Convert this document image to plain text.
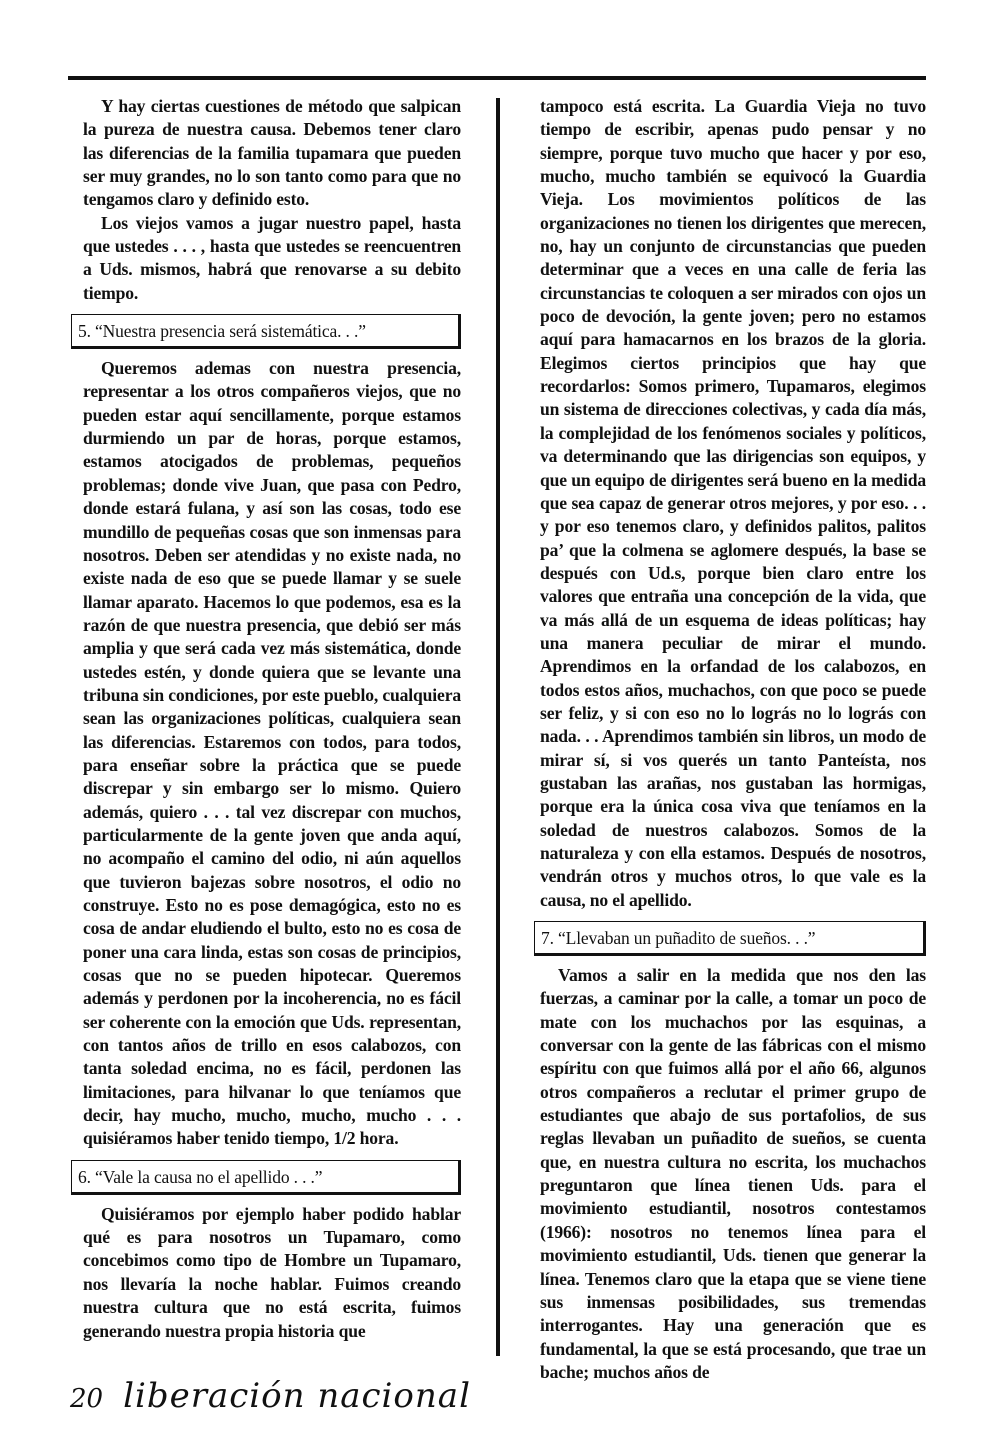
Y hay ciertas cuestiones de método que salpican la pureza de nuestra causa. Debemos tener claro las diferencias de la familia tupamara que pueden ser muy grandes, no lo son tanto como para que no tengamos claro y definido esto.

Los viejos vamos a jugar nuestro papel, hasta que ustedes . . . , hasta que ustedes se reencuentren a Uds. mismos, habrá que renovarse a su debito tiempo.

5. “Nuestra presencia será sistemática. . .”

Queremos ademas con nuestra presencia, representar a los otros compañeros viejos, que no pueden estar aquí sencillamente, porque estamos durmiendo un par de horas, porque estamos, estamos atocigados de problemas, pequeños problemas; donde vive Juan, que pasa con Pedro, donde estará fulana, y así son las cosas, todo ese mundillo de pequeñas cosas que son inmensas para nosotros. Deben ser atendidas y no existe nada, no existe nada de eso que se puede llamar y se suele llamar aparato. Hacemos lo que podemos, esa es la razón de que nuestra presencia, que debió ser más amplia y que será cada vez más sistemática, donde ustedes estén, y donde quiera que se levante una tribuna sin condiciones, por este pueblo, cualquiera sean las organizaciones políticas, cualquiera sean las diferencias. Estaremos con todos, para todos, para enseñar sobre la práctica que se puede discrepar y sin embargo ser lo mismo. Quiero además, quiero . . . tal vez discrepar con muchos, particularmente de la gente joven que anda aquí, no acompaño el camino del odio, ni aún aquellos que tuvieron bajezas sobre nosotros, el odio no construye. Esto no es pose demagógica, esto no es cosa de andar eludiendo el bulto, esto no es cosa de poner una cara linda, estas son cosas de principios, cosas que no se pueden hipotecar. Queremos además y perdonen por la incoherencia, no es fácil ser coherente con la emoción que Uds. representan, con tantos años de trillo en esos calabozos, con tanta soledad encima, no es fácil, perdonen las limitaciones, para hilvanar lo que teníamos que decir, hay mucho, mucho, mucho, mucho . . . quisiéramos haber tenido tiempo, 1/2 hora.

6. “Vale la causa no el apellido . . .”

Quisiéramos por ejemplo haber podido hablar qué es para nosotros un Tupamaro, como concebimos como tipo de Hombre un Tupamaro, nos llevaría la noche hablar. Fuimos creando nuestra cultura que no está escrita, fuimos generando nuestra propia historia que

tampoco está escrita. La Guardia Vieja no tuvo tiempo de escribir, apenas pudo pensar y no siempre, porque tuvo mucho que hacer y por eso, mucho, mucho también se equivocó la Guardia Vieja. Los movimientos políticos de las organizaciones no tienen los dirigentes que merecen, no, hay un conjunto de circunstancias que pueden determinar que a veces en una calle de feria las circunstancias te coloquen a ser mirados con ojos un poco de devoción, la gente joven; pero no estamos aquí para hamacarnos en los brazos de la gloria. Elegimos ciertos principios que hay que recordarlos: Somos primero, Tupamaros, elegimos un sistema de direcciones colectivas, y cada día más, la complejidad de los fenómenos sociales y políticos, va determinando que las dirigencias son equipos, y que un equipo de dirigentes será bueno en la medida que sea capaz de generar otros mejores, y por eso. . . y por eso tenemos claro, y definidos palitos, palitos pa’ que la colmena se aglomere después, la base se después con Ud.s, porque bien claro entre los valores que entraña una concepción de la vida, que va más allá de un esquema de ideas políticas; hay una manera peculiar de mirar el mundo. Aprendimos en la orfandad de los calabozos, en todos estos años, muchachos, con que poco se puede ser feliz, y si con eso no lo lográs no lo lográs con nada. . . Aprendimos también sin libros, un modo de mirar sí, si vos querés un tanto Panteísta, nos gustaban las arañas, nos gustaban las hormigas, porque era la única cosa viva que teníamos en la soledad de nuestros calabozos. Somos de la naturaleza y con ella estamos. Después de nosotros, vendrán otros y muchos otros, lo que vale es la causa, no el apellido.

7. “Llevaban un puñadito de sueños. . .”

Vamos a salir en la medida que nos den las fuerzas, a caminar por la calle, a tomar un poco de mate con los muchachos por las esquinas, a conversar con la gente de las fábricas con el mismo espíritu con que fuimos allá por el año 66, algunos otros compañeros a reclutar el primer grupo de estudiantes que abajo de sus portafolios, de sus reglas llevaban un puñadito de sueños, se cuenta que, en nuestra cultura no escrita, los muchachos preguntaron que línea tienen Uds. para el movimiento estudiantil, nosotros contestamos (1966): nosotros no tenemos línea para el movimiento estudiantil, Uds. tienen que generar la línea. Tenemos claro que la etapa que se viene tiene sus inmensas posibilidades, sus tremendas interrogantes. Hay una generación que es fundamental, la que se está procesando, que trae un bache; muchos años de

20 liberación nacional
